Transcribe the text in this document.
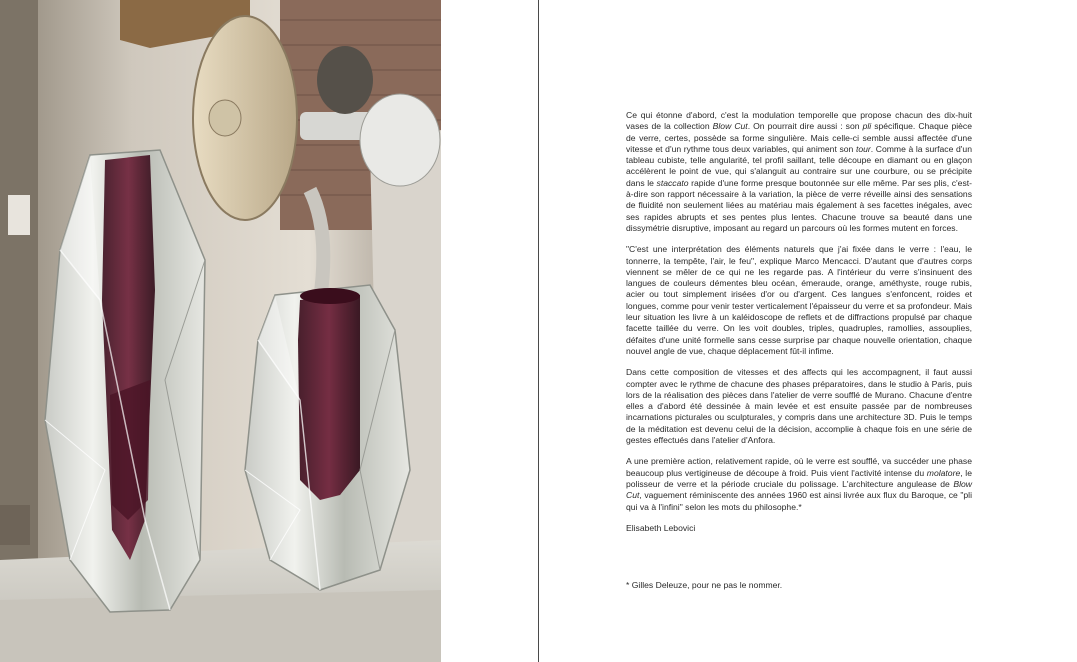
Ce qui étonne d'abord, c'est la modulation temporelle que propose chacun des dix-huit vases de la collection Blow Cut. On pourrait dire aussi : son pli spécifique. Chaque pièce de verre, certes, possède sa forme singulière. Mais celle-ci semble aussi affectée d'une vitesse et d'un rythme tous deux variables, qui animent son tour. Comme à la surface d'un tableau cubiste, telle angularité, tel profil saillant, telle découpe en diamant ou en glaçon accélèrent le point de vue, qui s'alanguit au contraire sur une courbure, ou se précipite dans le staccato rapide d'une forme presque boutonnée sur elle même. Par ses plis, c'est-à-dire son rapport nécessaire à la variation, la pièce de verre réveille ainsi des sensations de fluidité non seulement liées au matériau mais également à ses facettes inégales, avec ses rapides abrupts et ses pentes plus lentes. Chacune trouve sa beauté dans une dissymétrie disruptive, imposant au regard un parcours où les formes mutent en forces.

"C'est une interprétation des éléments naturels que j'ai fixée dans le verre : l'eau, le tonnerre, la tempête, l'air, le feu", explique Marco Mencacci. D'autant que d'autres corps viennent se mêler de ce qui ne les regarde pas. A l'intérieur du verre s'insinuent des langues de couleurs démentes bleu océan, émeraude, orange, améthyste, rouge rubis, acier ou tout simplement irisées d'or ou d'argent. Ces langues s'enfoncent, roides et longues, comme pour venir tester verticalement l'épaisseur du verre et sa profondeur. Mais leur situation les livre à un kaléidoscope de reflets et de diffractions propulsé par chaque facette taillée du verre. On les voit doubles, triples, quadruples, ramollies, assouplies, défaites d'une unité formelle sans cesse surprise par chaque nouvelle orientation, chaque nouvel angle de vue, chaque déplacement fût-il infime.

Dans cette composition de vitesses et des affects qui les accompagnent, il faut aussi compter avec le rythme de chacune des phases préparatoires, dans le studio à Paris, puis lors de la réalisation des pièces dans l'atelier de verre soufflé de Murano. Chacune d'entre elles a d'abord été dessinée à main levée et est ensuite passée par de nombreuses incarnations picturales ou sculpturales, y compris dans une architecture 3D. Puis le temps de la méditation est devenu celui de la décision, accomplie à chaque fois en une série de gestes effectués dans l'atelier d'Anfora.

A une première action, relativement rapide, où le verre est soufflé, va succéder une phase beaucoup plus vertigineuse de découpe à froid. Puis vient l'activité intense du molatore, le polisseur de verre et la période cruciale du polissage. L'architecture angulease de Blow Cut, vaguement réminiscente des années 1960 est ainsi livrée aux flux du Baroque, ce "pli qui va à l'infini" selon les mots du philosophe.*

Elisabeth Lebovici

* Gilles Deleuze, pour ne pas le nommer.
